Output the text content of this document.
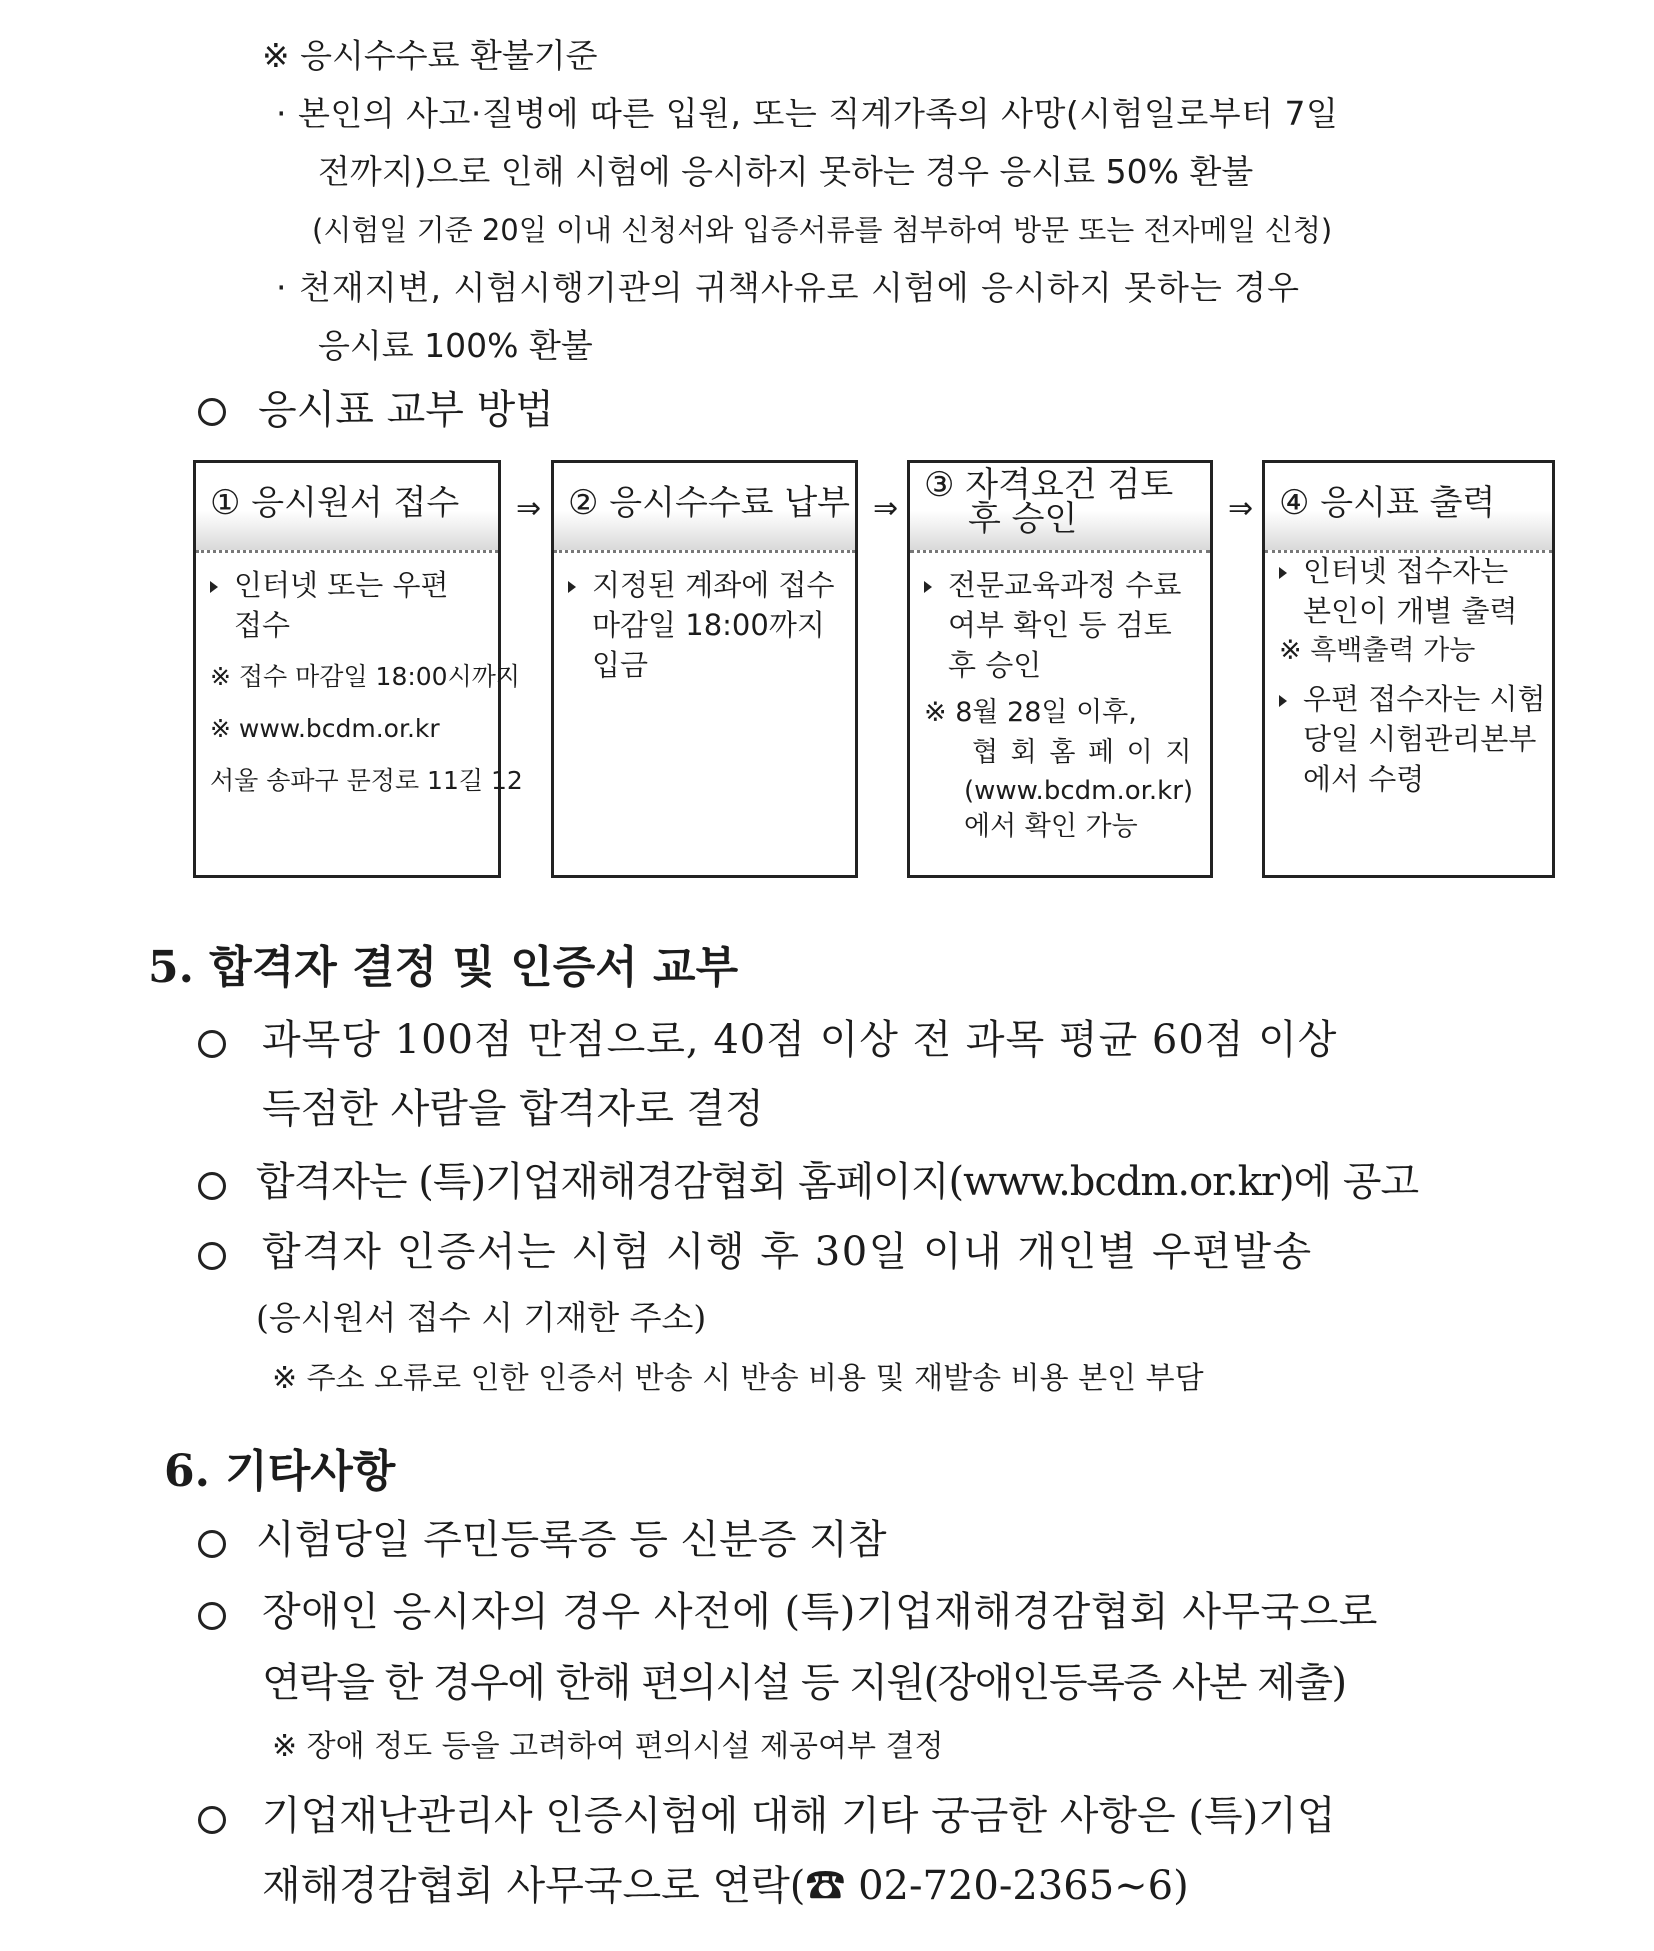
※ 응시수수료 환불기준
· 본인의 사고·질병에 따른 입원, 또는 직계가족의 사망(시험일로부터 7일
전까지)으로 인해 시험에 응시하지 못하는 경우 응시료 50% 환불
(시험일 기준 20일 이내 신청서와 입증서류를 첨부하여 방문 또는 전자메일 신청)
· 천재지변, 시험시행기관의 귀책사유로 시험에 응시하지 못하는 경우
응시료 100% 환불
응시표 교부 방법
① 응시원서 접수
인터넷 또는 우편
접수
※ 접수 마감일 18:00시까지
※ www.bcdm.or.kr
서울 송파구 문정로 11길 12
⇒ ② 응시수수료 납부
지정된 계좌에 접수
마감일 18:00까지
입금
⇒
③ 자격요건 검토
후 승인
전문교육과정 수료
여부 확인 등 검토
후 승인
※ 8월 28일 이후,
협 회 홈 페 이 지
(www.bcdm.or.kr)
에서 확인 가능
⇒ ④ 응시표 출력
인터넷 접수자는
본인이 개별 출력
※ 흑백출력 가능
우편 접수자는 시험
당일 시험관리본부
에서 수령
5. 합격자 결정 및 인증서 교부
과목당 100점 만점으로, 40점 이상 전 과목 평균 60점 이상
득점한 사람을 합격자로 결정
합격자는 (특)기업재해경감협회 홈페이지(www.bcdm.or.kr)에 공고
합격자 인증서는 시험 시행 후 30일 이내 개인별 우편발송
(응시원서 접수 시 기재한 주소)
※ 주소 오류로 인한 인증서 반송 시 반송 비용 및 재발송 비용 본인 부담
6. 기타사항
시험당일 주민등록증 등 신분증 지참
장애인 응시자의 경우 사전에 (특)기업재해경감협회 사무국으로
연락을 한 경우에 한해 편의시설 등 지원(장애인등록증 사본 제출)
※ 장애 정도 등을 고려하여 편의시설 제공여부 결정
기업재난관리사 인증시험에 대해 기타 궁금한 사항은 (특)기업
재해경감협회 사무국으로 연락(☎ 02-720-2365~6)
